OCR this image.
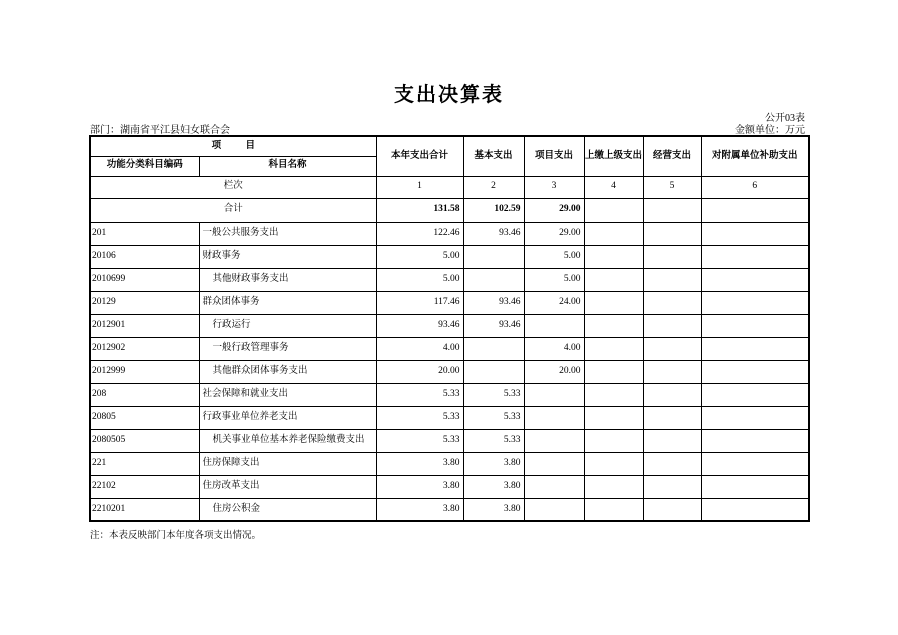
支出决算表
公开03表
部门：湖南省平江县妇女联合会	金额单位：万元
项 目		本年支出合计	基本支出	项目支出	上缴上级支出	经营支出	对附属单位补助支出
功能分类科目编码	科目名称						
栏次		1	2	3	4	5	6
合计		131.58	102.59	29.00			
201	一般公共服务支出	122.46	93.46	29.00			
20106	财政事务	5.00		5.00			
2010699	其他财政事务支出	5.00		5.00			
20129	群众团体事务	117.46	93.46	24.00			
2012901	行政运行	93.46	93.46				
2012902	一般行政管理事务	4.00		4.00			
2012999	其他群众团体事务支出	20.00		20.00			
208	社会保障和就业支出	5.33	5.33				
20805	行政事业单位养老支出	5.33	5.33				
2080505	机关事业单位基本养老保险缴费支出	5.33	5.33				
221	住房保障支出	3.80	3.80				
22102	住房改革支出	3.80	3.80				
2210201	住房公积金	3.80	3.80				
注：本表反映部门本年度各项支出情况。
